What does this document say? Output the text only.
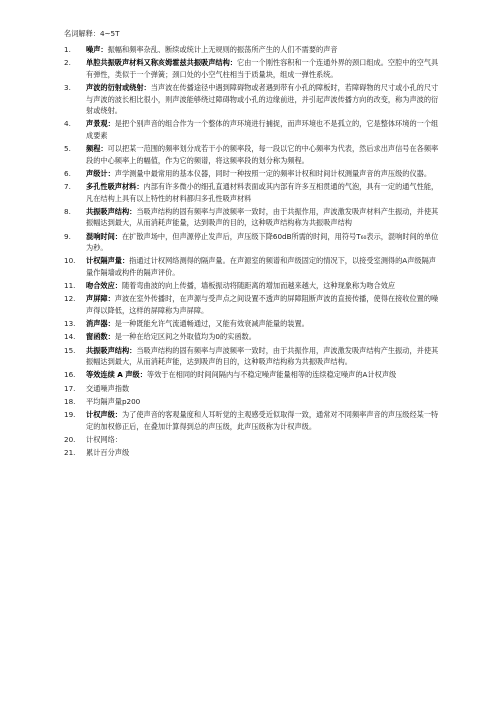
名词解释：4~5T
1.	噪声：振幅和频率杂乱、断续或统计上无规则的振荡所产生的人们不需要的声音
2.	单腔共振吸声材料又称亥姆霍兹共振吸声结构：它由一个刚性容积和一个连通外界的颈口组成。空腔中的空气具有弹性，类似于一个弹簧；颈口处的小空气柱相当于质量块，组成一弹性系统。
3.	声波的衍射或绕射：当声波在传播途径中遇到障碍物或者遇到带有小孔的障板时，若障碍物的尺寸或小孔的尺寸与声波的波长相比很小，则声波能够绕过障碍物或小孔的边缘前进，并引起声波传播方向的改变，称为声波的衍射或绕射。
4.	声景观：是把个别声音的组合作为一个整体的声环境进行捕捉，而声环境也不是孤立的，它是整体环境的一个组成要素
5.	频程：可以把某一范围的频率划分成若干小的频率段，每一段以它的中心频率为代表，然后求出声信号在各频率段的中心频率上的幅值，作为它的频谱，将这频率段的划分称为频程。
6.	声级计：声学测量中最常用的基本仪器，同时一种按照一定的频率计权和时间计权测量声音的声压级的仪器。
7.	多孔性吸声材料：内部有许多微小的细孔直通材料表面或其内部有许多互相贯通的气泡，具有一定的通气性能，凡在结构上具有以上特性的材料都归多孔性吸声材料
8.	共振吸声结构：当吸声结构的固有频率与声波频率一致时，由于共振作用，声波激发吸声材料产生振动，并使其振幅达到最大，从而消耗声能量，达到吸声的目的，这种吸声结构称为共振吸声结构
9.	混响时间：在扩散声场中，但声源停止发声后，声压级下降60dB所需的时间，用符号T₆₀表示，混响时间的单位为秒。
10.	计权隔声量：指通过计权网络测得的隔声量。在声源室的频谱和声级固定的情况下，以接受室测得的A声级隔声量作隔墙或构件的隔声评价。
11.	吻合效应：随着弯曲波的向上传播，墙板振动将随距离的增加而越来越大，这种现象称为吻合效应
12.	声屏障：声波在室外传播时，在声源与受声点之间设置不透声的屏障阻断声波的直接传播，使得在接收位置的噪声得以降低，这样的屏障称为声屏障。
13.	消声器：是一种既能允许气流通畅通过，又能有效衰减声能量的装置。
14.	窗函数：是一种在给定区间之外取值均为0的实函数。
15.	共振吸声结构：当吸声结构的固有频率与声波频率一致时，由于共振作用，声波激发吸声结构产生振动，并使其振幅达到最大，从而消耗声能，达到吸声的目的，这种吸声结构称为共振吸声结构。
16.	等效连续 A 声级：等效于在相同的时间间隔内与不稳定噪声能量相等的连续稳定噪声的A计权声级
17.	交通噪声指数
18.	平均隔声量p200
19.	计权声级：为了使声音的客观量度和人耳听觉的主观感受近似取得一致，通常对不同频率声音的声压级经某一特定的加权修正后，在叠加计算得到总的声压级，此声压级称为计权声级。
20.	计权网络：
21.	累计百分声级
